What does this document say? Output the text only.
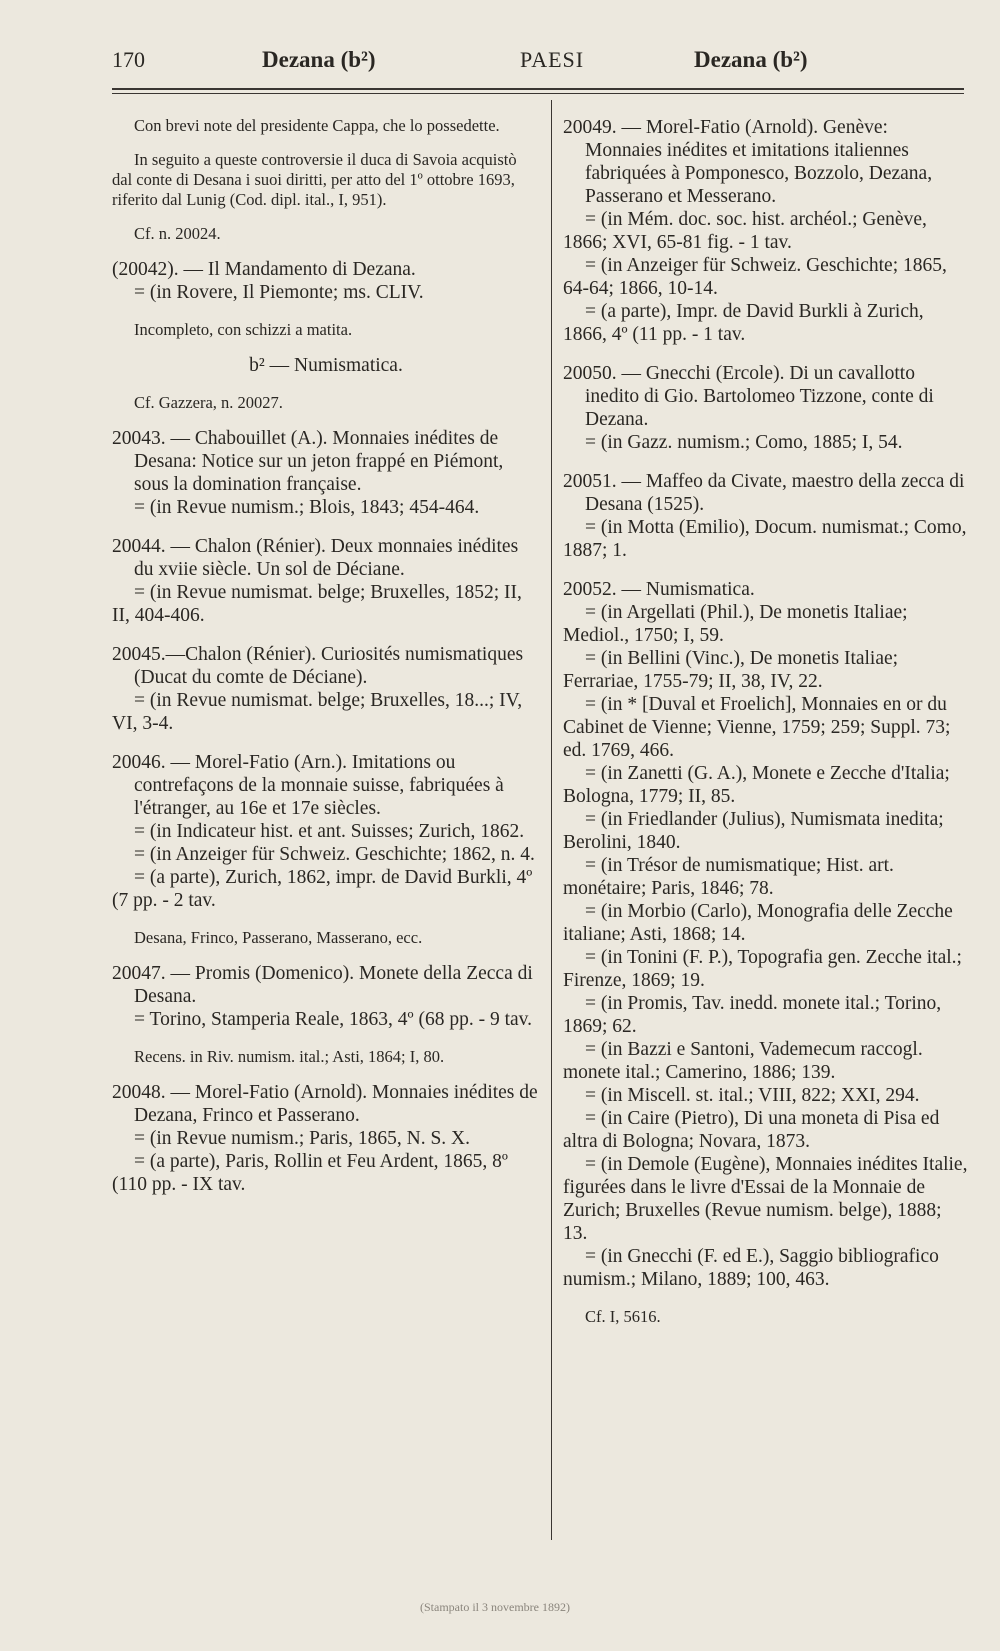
170	Dezana (b²)	PAESI	Dezana (b²)
Con brevi note del presidente Cappa, che lo possedette.
In seguito a queste controversie il duca di Savoia acquistò dal conte di Desana i suoi diritti, per atto del 1º ottobre 1693, riferito dal Lunig (Cod. dipl. ital., I, 951).
Cf. n. 20024.

(20042). — Il Mandamento di Dezana.

= (in Rovere, Il Piemonte; ms. CLIV.

Incompleto, con schizzi a matita.
b² — Numismatica.
Cf. Gazzera, n. 20027.

20043. — Chabouillet (A.). Monnaies inédites de Desana: Notice sur un jeton frappé en Piémont, sous la domination française.

= (in Revue numism.; Blois, 1843; 454-464.

20044. — Chalon (Rénier). Deux monnaies inédites du xviie siècle. Un sol de Déciane.

= (in Revue numismat. belge; Bruxelles, 1852; II, II, 404-406.

20045.—Chalon (Rénier). Curiosités numismatiques (Ducat du comte de Déciane).

= (in Revue numismat. belge; Bruxelles, 18...; IV, VI, 3-4.

20046. — Morel-Fatio (Arn.). Imitations ou contrefaçons de la monnaie suisse, fabriquées à l'étranger, au 16e et 17e siècles.

= (in Indicateur hist. et ant. Suisses; Zurich, 1862.

= (in Anzeiger für Schweiz. Geschichte; 1862, n. 4.

= (a parte), Zurich, 1862, impr. de David Burkli, 4º (7 pp. - 2 tav.

Desana, Frinco, Passerano, Masserano, ecc.

20047. — Promis (Domenico). Monete della Zecca di Desana.

= Torino, Stamperia Reale, 1863, 4º (68 pp. - 9 tav.

Recens. in Riv. numism. ital.; Asti, 1864; I, 80.

20048. — Morel-Fatio (Arnold). Monnaies inédites de Dezana, Frinco et Passerano.

= (in Revue numism.; Paris, 1865, N. S. X.

= (a parte), Paris, Rollin et Feu Ardent, 1865, 8º (110 pp. - IX tav.

20049. — Morel-Fatio (Arnold). Genève: Monnaies inédites et imitations italiennes fabriquées à Pomponesco, Bozzolo, Dezana, Passerano et Messerano.

= (in Mém. doc. soc. hist. archéol.; Genève, 1866; XVI, 65-81 fig. - 1 tav.

= (in Anzeiger für Schweiz. Geschichte; 1865, 64-64; 1866, 10-14.

= (a parte), Impr. de David Burkli à Zurich, 1866, 4º (11 pp. - 1 tav.

20050. — Gnecchi (Ercole). Di un cavallotto inedito di Gio. Bartolomeo Tizzone, conte di Dezana.

= (in Gazz. numism.; Como, 1885; I, 54.

20051. — Maffeo da Civate, maestro della zecca di Desana (1525).

= (in Motta (Emilio), Docum. numismat.; Como, 1887; 1.

20052. — Numismatica.

= (in Argellati (Phil.), De monetis Italiae; Mediol., 1750; I, 59.

= (in Bellini (Vinc.), De monetis Italiae; Ferrariae, 1755-79; II, 38, IV, 22.

= (in * [Duval et Froelich], Monnaies en or du Cabinet de Vienne; Vienne, 1759; 259; Suppl. 73; ed. 1769, 466.

= (in Zanetti (G. A.), Monete e Zecche d'Italia; Bologna, 1779; II, 85.

= (in Friedlander (Julius), Numismata inedita; Berolini, 1840.

= (in Trésor de numismatique; Hist. art. monétaire; Paris, 1846; 78.

= (in Morbio (Carlo), Monografia delle Zecche italiane; Asti, 1868; 14.

= (in Tonini (F. P.), Topografia gen. Zecche ital.; Firenze, 1869; 19.

= (in Promis, Tav. inedd. monete ital.; Torino, 1869; 62.

= (in Bazzi e Santoni, Vademecum raccogl. monete ital.; Camerino, 1886; 139.

= (in Miscell. st. ital.; VIII, 822; XXI, 294.

= (in Caire (Pietro), Di una moneta di Pisa ed altra di Bologna; Novara, 1873.

= (in Demole (Eugène), Monnaies inédites Italie, figurées dans le livre d'Essai de la Monnaie de Zurich; Bruxelles (Revue numism. belge), 1888; 13.

= (in Gnecchi (F. ed E.), Saggio bibliografico numism.; Milano, 1889; 100, 463.

Cf. I, 5616.
(Stampato il 3 novembre 1892)
